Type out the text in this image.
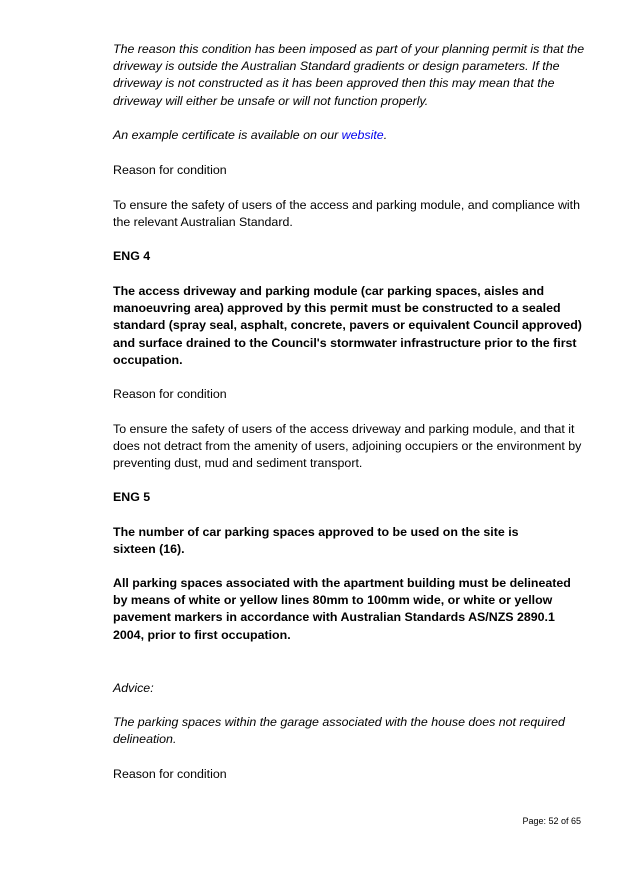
The reason this condition has been imposed as part of your planning permit is that the driveway is outside the Australian Standard gradients or design parameters. If the driveway is not constructed as it has been approved then this may mean that the driveway will either be unsafe or will not function properly.

An example certificate is available on our website.

Reason for condition

To ensure the safety of users of the access and parking module, and compliance with the relevant Australian Standard.

ENG 4

The access driveway and parking module (car parking spaces, aisles and manoeuvring area) approved by this permit must be constructed to a sealed standard (spray seal, asphalt, concrete, pavers or equivalent Council approved) and surface drained to the Council's stormwater infrastructure prior to the first occupation.

Reason for condition

To ensure the safety of users of the access driveway and parking module, and that it does not detract from the amenity of users, adjoining occupiers or the environment by preventing dust, mud and sediment transport.

ENG 5

The number of car parking spaces approved to be used on the site is sixteen (16).

All parking spaces associated with the apartment building must be delineated by means of white or yellow lines 80mm to 100mm wide, or white or yellow pavement markers in accordance with Australian Standards AS/NZS 2890.1 2004, prior to first occupation.

Advice:

The parking spaces within the garage associated with the house does not required delineation.

Reason for condition

Page: 52 of 65
